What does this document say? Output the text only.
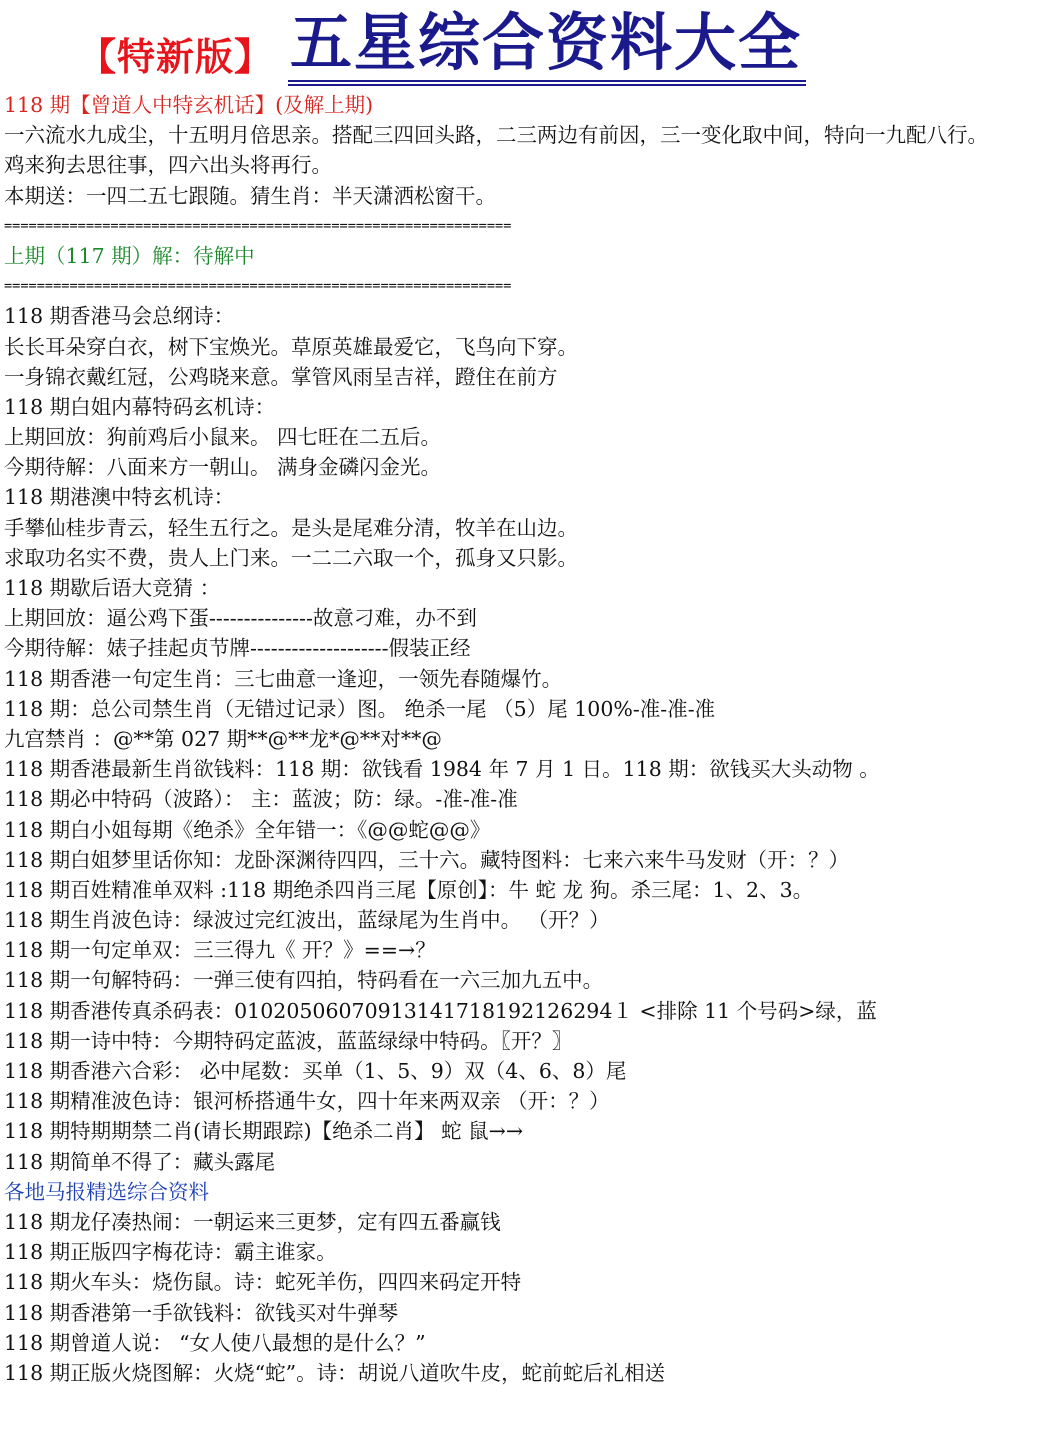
【特新版】 五星综合资料大全
118 期【曾道人中特玄机话】(及解上期)
一六流水九成尘，十五明月倍思亲。搭配三四回头路，二三两边有前因，三一变化取中间，特向一九配八行。
鸡来狗去思往事，四六出头将再行。
本期送：一四二五七跟随。猜生肖：半天潇洒松窗干。
==============================================================
上期（117 期）解：待解中
==============================================================
118 期香港马会总纲诗：
长长耳朵穿白衣，树下宝焕光。草原英雄最爱它，飞鸟向下穿。
一身锦衣戴红冠，公鸡晓来意。掌管风雨呈吉祥，蹬住在前方
118 期白姐内幕特码玄机诗：
上期回放：狗前鸡后小鼠来。 四七旺在二五后。
今期待解：八面来方一朝山。 满身金磷闪金光。
118 期港澳中特玄机诗：
手攀仙桂步青云，轻生五行之。是头是尾难分清，牧羊在山边。
求取功名实不费，贵人上门来。一二二六取一个，孤身又只影。
118 期歇后语大竞猜 ：
上期回放：逼公鸡下蛋---------------故意刁难，办不到
今期待解：婊子挂起贞节牌--------------------假装正经
118 期香港一句定生肖：三七曲意一逢迎，一领先春随爆竹。
118 期：总公司禁生肖（无错过记录）图。 绝杀一尾 （5）尾 100%-准-准-准
九宫禁肖 ：@**第 027 期**@**龙*@**对**@
118 期香港最新生肖欲钱料：118 期：欲钱看 1984 年 7 月 1 日。118 期：欲钱买大头动物 。
118 期必中特码（波路）： 主：蓝波；防：绿。-准-准-准
118 期白小姐每期《绝杀》全年错一：《@@蛇@@》
118 期白姐梦里话你知：龙卧深渊待四四，三十六。藏特图料：七来六来牛马发财（开：？）
118 期百姓精准单双料 :118 期绝杀四肖三尾【原创】：牛 蛇 龙 狗。杀三尾：1、2、3。
118 期生肖波色诗：绿波过完红波出，蓝绿尾为生肖中。 （开？）
118 期一句定单双：三三得九《 开？》==→？
118 期一句解特码：一弹三使有四拍，特码看在一六三加九五中。
118 期香港传真杀码表：01020506070913141718192126294１ <排除 11 个号码>绿，蓝
118 期一诗中特：今期特码定蓝波，蓝蓝绿绿中特码。〖开？〗
118 期香港六合彩： 必中尾数：买单（1、5、9）双（4、6、8）尾
118 期精准波色诗：银河桥搭通牛女，四十年来两双亲 （开：？）
118 期特期期禁二肖(请长期跟踪)【绝杀二肖】 蛇 鼠→→
118 期简单不得了：藏头露尾
各地马报精选综合资料
118 期龙仔凑热闹：一朝运来三更梦，定有四五番赢钱
118 期正版四字梅花诗：霸主谁家。
118 期火车头：烧伤鼠。诗：蛇死羊伤，四四来码定开特
118 期香港第一手欲钱料：欲钱买对牛弹琴
118 期曾道人说： “女人使八最想的是什么？”
118 期正版火烧图解：火烧“蛇”。诗：胡说八道吹牛皮，蛇前蛇后礼相送
